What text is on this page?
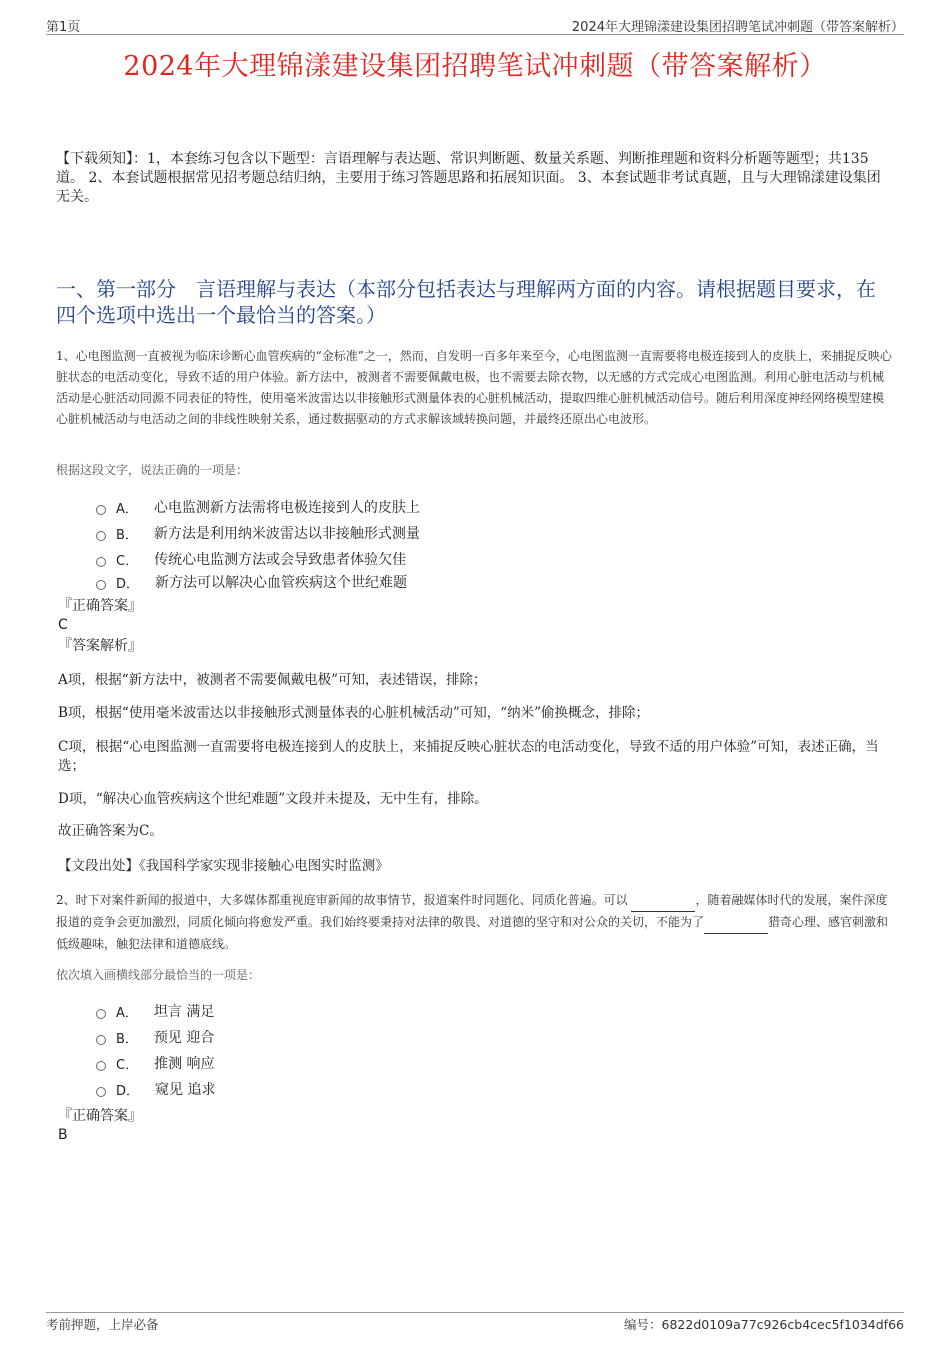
第1页	2024年大理锦漾建设集团招聘笔试冲刺题（带答案解析）
2024年大理锦漾建设集团招聘笔试冲刺题（带答案解析）
【下载须知】：1，本套练习包含以下题型：言语理解与表达题、常识判断题、数量关系题、判断推理题和资料分析题等题型；共135道。 2、本套试题根据常见招考题总结归纳，主要用于练习答题思路和拓展知识面。 3、本套试题非考试真题，且与大理锦漾建设集团无关。
一、第一部分　言语理解与表达（本部分包括表达与理解两方面的内容。请根据题目要求，在四个选项中选出一个最恰当的答案。）
1、心电图监测一直被视为临床诊断心血管疾病的“金标准”之一，然而，自发明一百多年来至今，心电图监测一直需要将电极连接到人的皮肤上，来捕捉反映心脏状态的电活动变化，导致不适的用户体验。新方法中，被测者不需要佩戴电极，也不需要去除衣物，以无感的方式完成心电图监测。利用心脏电活动与机械活动是心脏活动同源不同表征的特性，使用毫米波雷达以非接触形式测量体表的心脏机械活动，提取四维心脏机械活动信号。随后利用深度神经网络模型建模心脏机械活动与电活动之间的非线性映射关系，通过数据驱动的方式求解该域转换问题，并最终还原出心电波形。
根据这段文字，说法正确的一项是：
A． 心电监测新方法需将电极连接到人的皮肤上
B． 新方法是利用纳米波雷达以非接触形式测量
C． 传统心电监测方法或会导致患者体验欠佳
D． 新方法可以解决心血管疾病这个世纪难题
『正确答案』
C
『答案解析』
A项，根据“新方法中，被测者不需要佩戴电极”可知，表述错误，排除；
B项，根据“使用毫米波雷达以非接触形式测量体表的心脏机械活动”可知，“纳米”偷换概念，排除；
C项，根据“心电图监测一直需要将电极连接到人的皮肤上，来捕捉反映心脏状态的电活动变化，导致不适的用户体验”可知，表述正确，当选；
D项，“解决心血管疾病这个世纪难题”文段并未提及，无中生有，排除。
故正确答案为C。
【文段出处】《我国科学家实现非接触心电图实时监测》
2、时下对案件新闻的报道中，大多媒体都重视庭审新闻的故事情节，报道案件时同题化、同质化普遍。可以	，随着融媒体时代的发展，案件深度报道的竞争会更加激烈，同质化倾向将愈发严重。我们始终要秉持对法律的敬畏、对道德的坚守和对公众的关切，不能为了	猎奇心理、感官刺激和低级趣味，触犯法律和道德底线。
依次填入画横线部分最恰当的一项是：
A． 坦言 满足
B． 预见 迎合
C． 推测 响应
D． 窥见 追求
『正确答案』
B
考前押题，上岸必备	编号：6822d0109a77c926cb4cec5f1034df66
